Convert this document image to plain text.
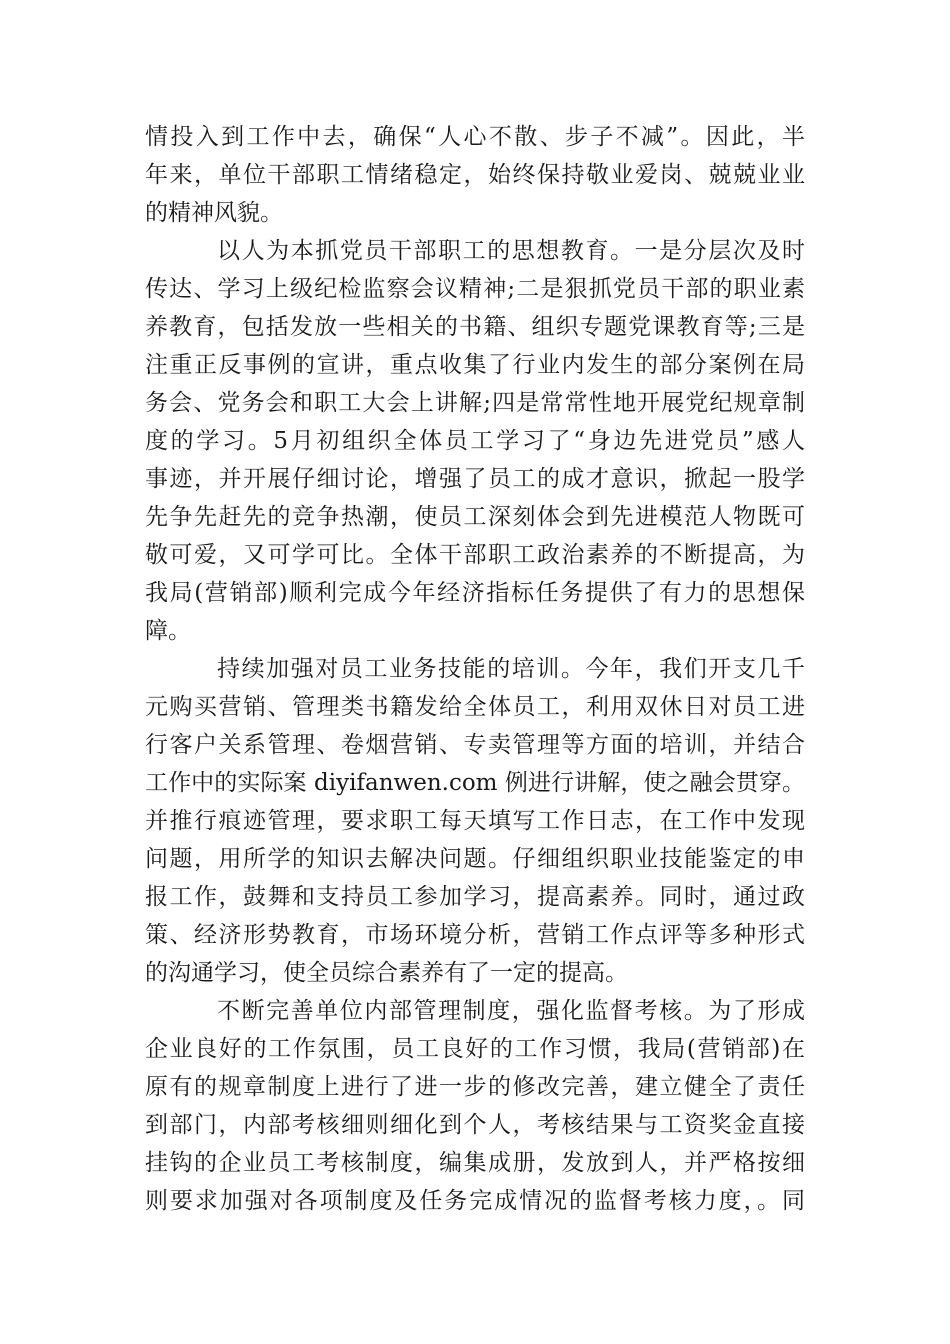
情投入到工作中去，确保“人心不散、步子不减”。因此，半
年来，单位干部职工情绪稳定，始终保持敬业爱岗、兢兢业业
的精神风貌。
以人为本抓党员干部职工的思想教育。一是分层次及时
传达、学习上级纪检监察会议精神;二是狠抓党员干部的职业素
养教育，包括发放一些相关的书籍、组织专题党课教育等;三是
注重正反事例的宣讲，重点收集了行业内发生的部分案例在局
务会、党务会和职工大会上讲解;四是常常性地开展党纪规章制
度的学习。5月初组织全体员工学习了“身边先进党员”感人
事迹，并开展仔细讨论，增强了员工的成才意识，掀起一股学
先争先赶先的竞争热潮，使员工深刻体会到先进模范人物既可
敬可爱，又可学可比。全体干部职工政治素养的不断提高，为
我局(营销部)顺利完成今年经济指标任务提供了有力的思想保
障。
持续加强对员工业务技能的培训。今年，我们开支几千
元购买营销、管理类书籍发给全体员工，利用双休日对员工进
行客户关系管理、卷烟营销、专卖管理等方面的培训，并结合
工作中的实际案 diyifanwen.com 例进行讲解，使之融会贯穿。
并推行痕迹管理，要求职工每天填写工作日志，在工作中发现
问题，用所学的知识去解决问题。仔细组织职业技能鉴定的申
报工作，鼓舞和支持员工参加学习，提高素养。同时，通过政
策、经济形势教育，市场环境分析，营销工作点评等多种形式
的沟通学习，使全员综合素养有了一定的提高。
不断完善单位内部管理制度，强化监督考核。为了形成
企业良好的工作氛围，员工良好的工作习惯，我局(营销部)在
原有的规章制度上进行了进一步的修改完善，建立健全了责任
到部门，内部考核细则细化到个人，考核结果与工资奖金直接
挂钩的企业员工考核制度，编集成册，发放到人，并严格按细
则要求加强对各项制度及任务完成情况的监督考核力度，。同
